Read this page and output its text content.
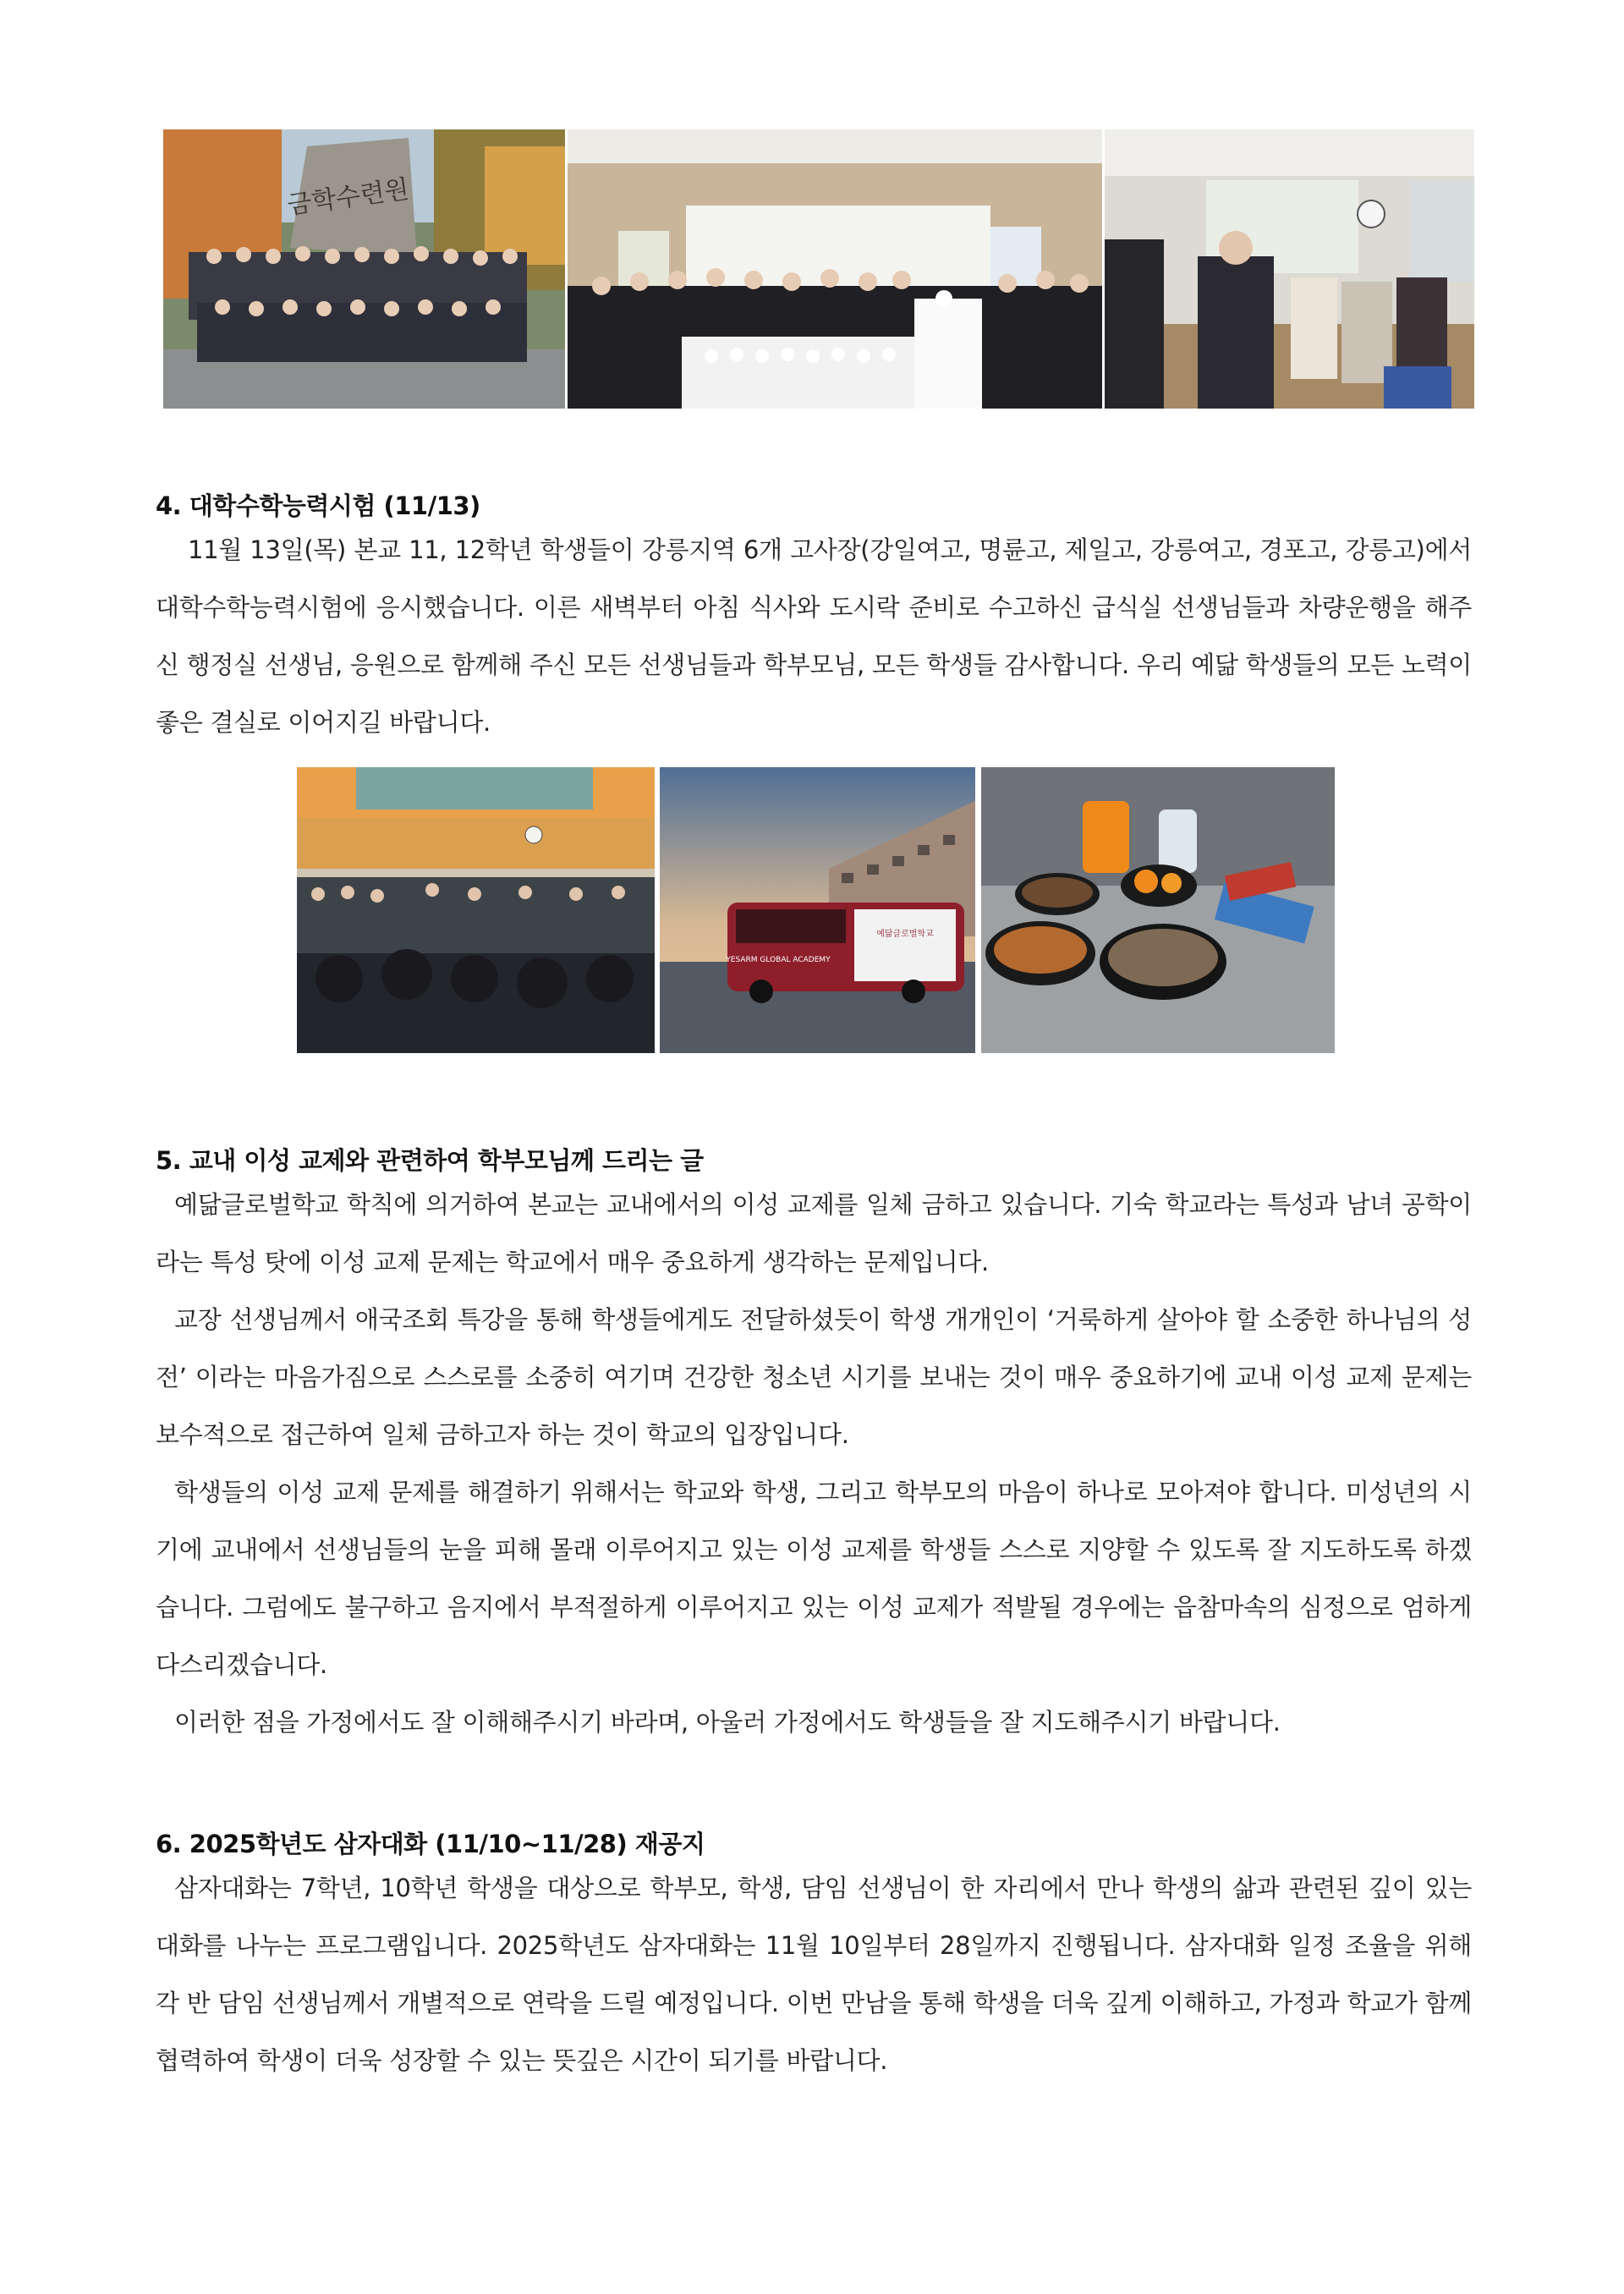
금학수련원
4. 대학수학능력시험 (11/13)

11월 13일(목) 본교 11, 12학년 학생들이 강릉지역 6개 고사장(강일여고, 명륜고, 제일고, 강릉여고, 경포고, 강릉고)에서 대학수학능력시험에 응시했습니다. 이른 새벽부터 아침 식사와 도시락 준비로 수고하신 급식실 선생님들과 차량운행을 해주신 행정실 선생님, 응원으로 함께해 주신 모든 선생님들과 학부모님, 모든 학생들 감사합니다. 우리 예닮 학생들의 모든 노력이 좋은 결실로 이어지길 바랍니다.

YESARM GLOBAL ACADEMY
예닮글로벌학교
5. 교내 이성 교제와 관련하여 학부모님께 드리는 글

예닮글로벌학교 학칙에 의거하여 본교는 교내에서의 이성 교제를 일체 금하고 있습니다. 기숙 학교라는 특성과 남녀 공학이라는 특성 탓에 이성 교제 문제는 학교에서 매우 중요하게 생각하는 문제입니다.

교장 선생님께서 애국조회 특강을 통해 학생들에게도 전달하셨듯이 학생 개개인이 ‘거룩하게 살아야 할 소중한 하나님의 성전’ 이라는 마음가짐으로 스스로를 소중히 여기며 건강한 청소년 시기를 보내는 것이 매우 중요하기에 교내 이성 교제 문제는 보수적으로 접근하여 일체 금하고자 하는 것이 학교의 입장입니다.

학생들의 이성 교제 문제를 해결하기 위해서는 학교와 학생, 그리고 학부모의 마음이 하나로 모아져야 합니다. 미성년의 시기에 교내에서 선생님들의 눈을 피해 몰래 이루어지고 있는 이성 교제를 학생들 스스로 지양할 수 있도록 잘 지도하도록 하겠습니다. 그럼에도 불구하고 음지에서 부적절하게 이루어지고 있는 이성 교제가 적발될 경우에는 읍참마속의 심정으로 엄하게 다스리겠습니다.

이러한 점을 가정에서도 잘 이해해주시기 바라며, 아울러 가정에서도 학생들을 잘 지도해주시기 바랍니다.

6. 2025학년도 삼자대화 (11/10~11/28) 재공지

삼자대화는 7학년, 10학년 학생을 대상으로 학부모, 학생, 담임 선생님이 한 자리에서 만나 학생의 삶과 관련된 깊이 있는 대화를 나누는 프로그램입니다. 2025학년도 삼자대화는 11월 10일부터 28일까지 진행됩니다. 삼자대화 일정 조율을 위해 각 반 담임 선생님께서 개별적으로 연락을 드릴 예정입니다. 이번 만남을 통해 학생을 더욱 깊게 이해하고, 가정과 학교가 함께 협력하여 학생이 더욱 성장할 수 있는 뜻깊은 시간이 되기를 바랍니다.
